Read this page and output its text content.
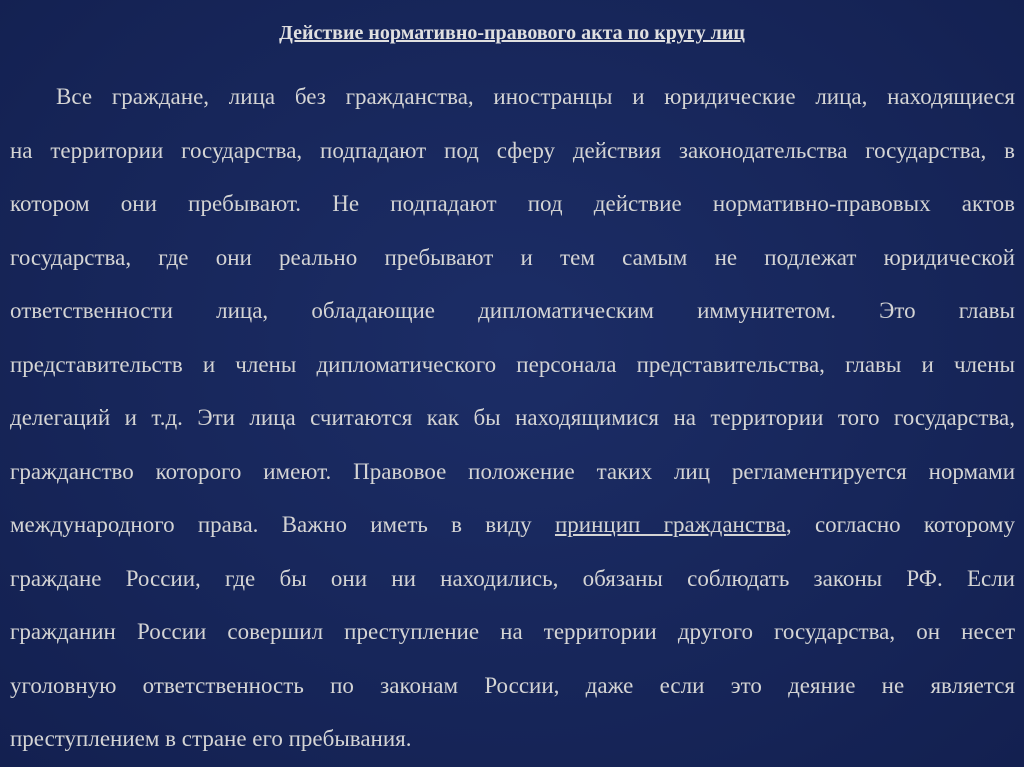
Действие нормативно-правового акта по кругу лиц
Все граждане, лица без гражданства, иностранцы и юридические лица, находящиеся
на территории государства, подпадают под сферу действия законодательства государства, в
котором они пребывают. Не подпадают под действие нормативно-правовых актов
государства, где они реально пребывают и тем самым не подлежат юридической
ответственности лица, обладающие дипломатическим иммунитетом. Это главы
представительств и члены дипломатического персонала представительства, главы и члены
делегаций и т.д. Эти лица считаются как бы находящимися на территории того государства,
гражданство которого имеют. Правовое положение таких лиц регламентируется нормами
международного права. Важно иметь в виду принцип гражданства, согласно которому
граждане России, где бы они ни находились, обязаны соблюдать законы РФ. Если
гражданин России совершил преступление на территории другого государства, он несет
уголовную ответственность по законам России, даже если это деяние не является
преступлением в стране его пребывания.
